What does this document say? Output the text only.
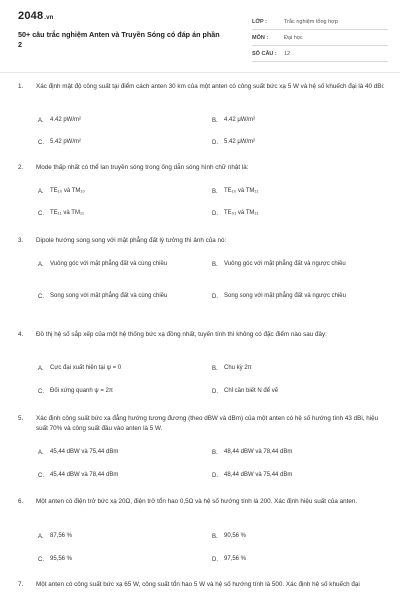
2048.vn
50+ câu trắc nghiệm Anten và Truyền Sóng có đáp án phần 2
LỚP :	Trắc nghiệm tổng hợp
MÔN :	Đại học
SỐ CÂU :	12
1.	Xác định mật độ công suất tại điểm cách anten 30 km của một anten có công suất bức xạ 5 W và hệ số khuếch đại là 40 dBi:
A.	4.42 pW/m²	B.	4.42 μW/m²
C.	5.42 pW/m²	D.	5.42 μW/m²
2.	Mode thấp nhất có thể lan truyền sóng trong ống dẫn sóng hình chữ nhật là:
A.	TE₁₀ và TM₁₀	B.	TE₁₀ và TM₁₁
C.	TE₁₁ và TM₁₁	D.	TE₀₁ và TM₁₁
3.	Dipole hướng song song với mặt phẳng đất lý tưởng thì ảnh của nó:
A.	Vuông góc với mặt phẳng đất và cùng chiều	B.	Vuông góc với mặt phẳng đất và ngược chiều
C.	Song song với mặt phẳng đất và cùng chiều	D.	Song song với mặt phẳng đất và ngược chiều
4.	Đồ thị hệ số sắp xếp của một hệ thống bức xạ đồng nhất, tuyến tính thì không có đặc điểm nào sau đây:
A.	Cực đại xuất hiện tại ψ = 0	B.	Chu kỳ 2π
C.	Đối xứng quanh ψ = 2π	D.	Chỉ cần biết N để vẽ
5.	Xác định công suất bức xạ đẳng hướng tương đương (theo dBW và dBm) của một anten có hệ số hướng tính 43 dBi, hiệu suất 70% và công suất đầu vào anten là 5 W.
A.	45,44 dBW và 75,44 dBm	B.	48,44 dBW và 78,44 dBm
C.	45,44 dBW và 78,44 dBm	D.	48,44 dBW và 75,44 dBm
6.	Một anten có điện trở bức xạ 20Ω, điện trở tổn hao 0,5Ω và hệ số hướng tính là 200. Xác định hiệu suất của anten.
A.	87,56 %	B.	90,56 %
C.	95,56 %	D.	97,56 %
7.	Một anten có công suất bức xạ 65 W, công suất tổn hao 5 W và hệ số hướng tính là 500. Xác định hệ số khuếch đại
